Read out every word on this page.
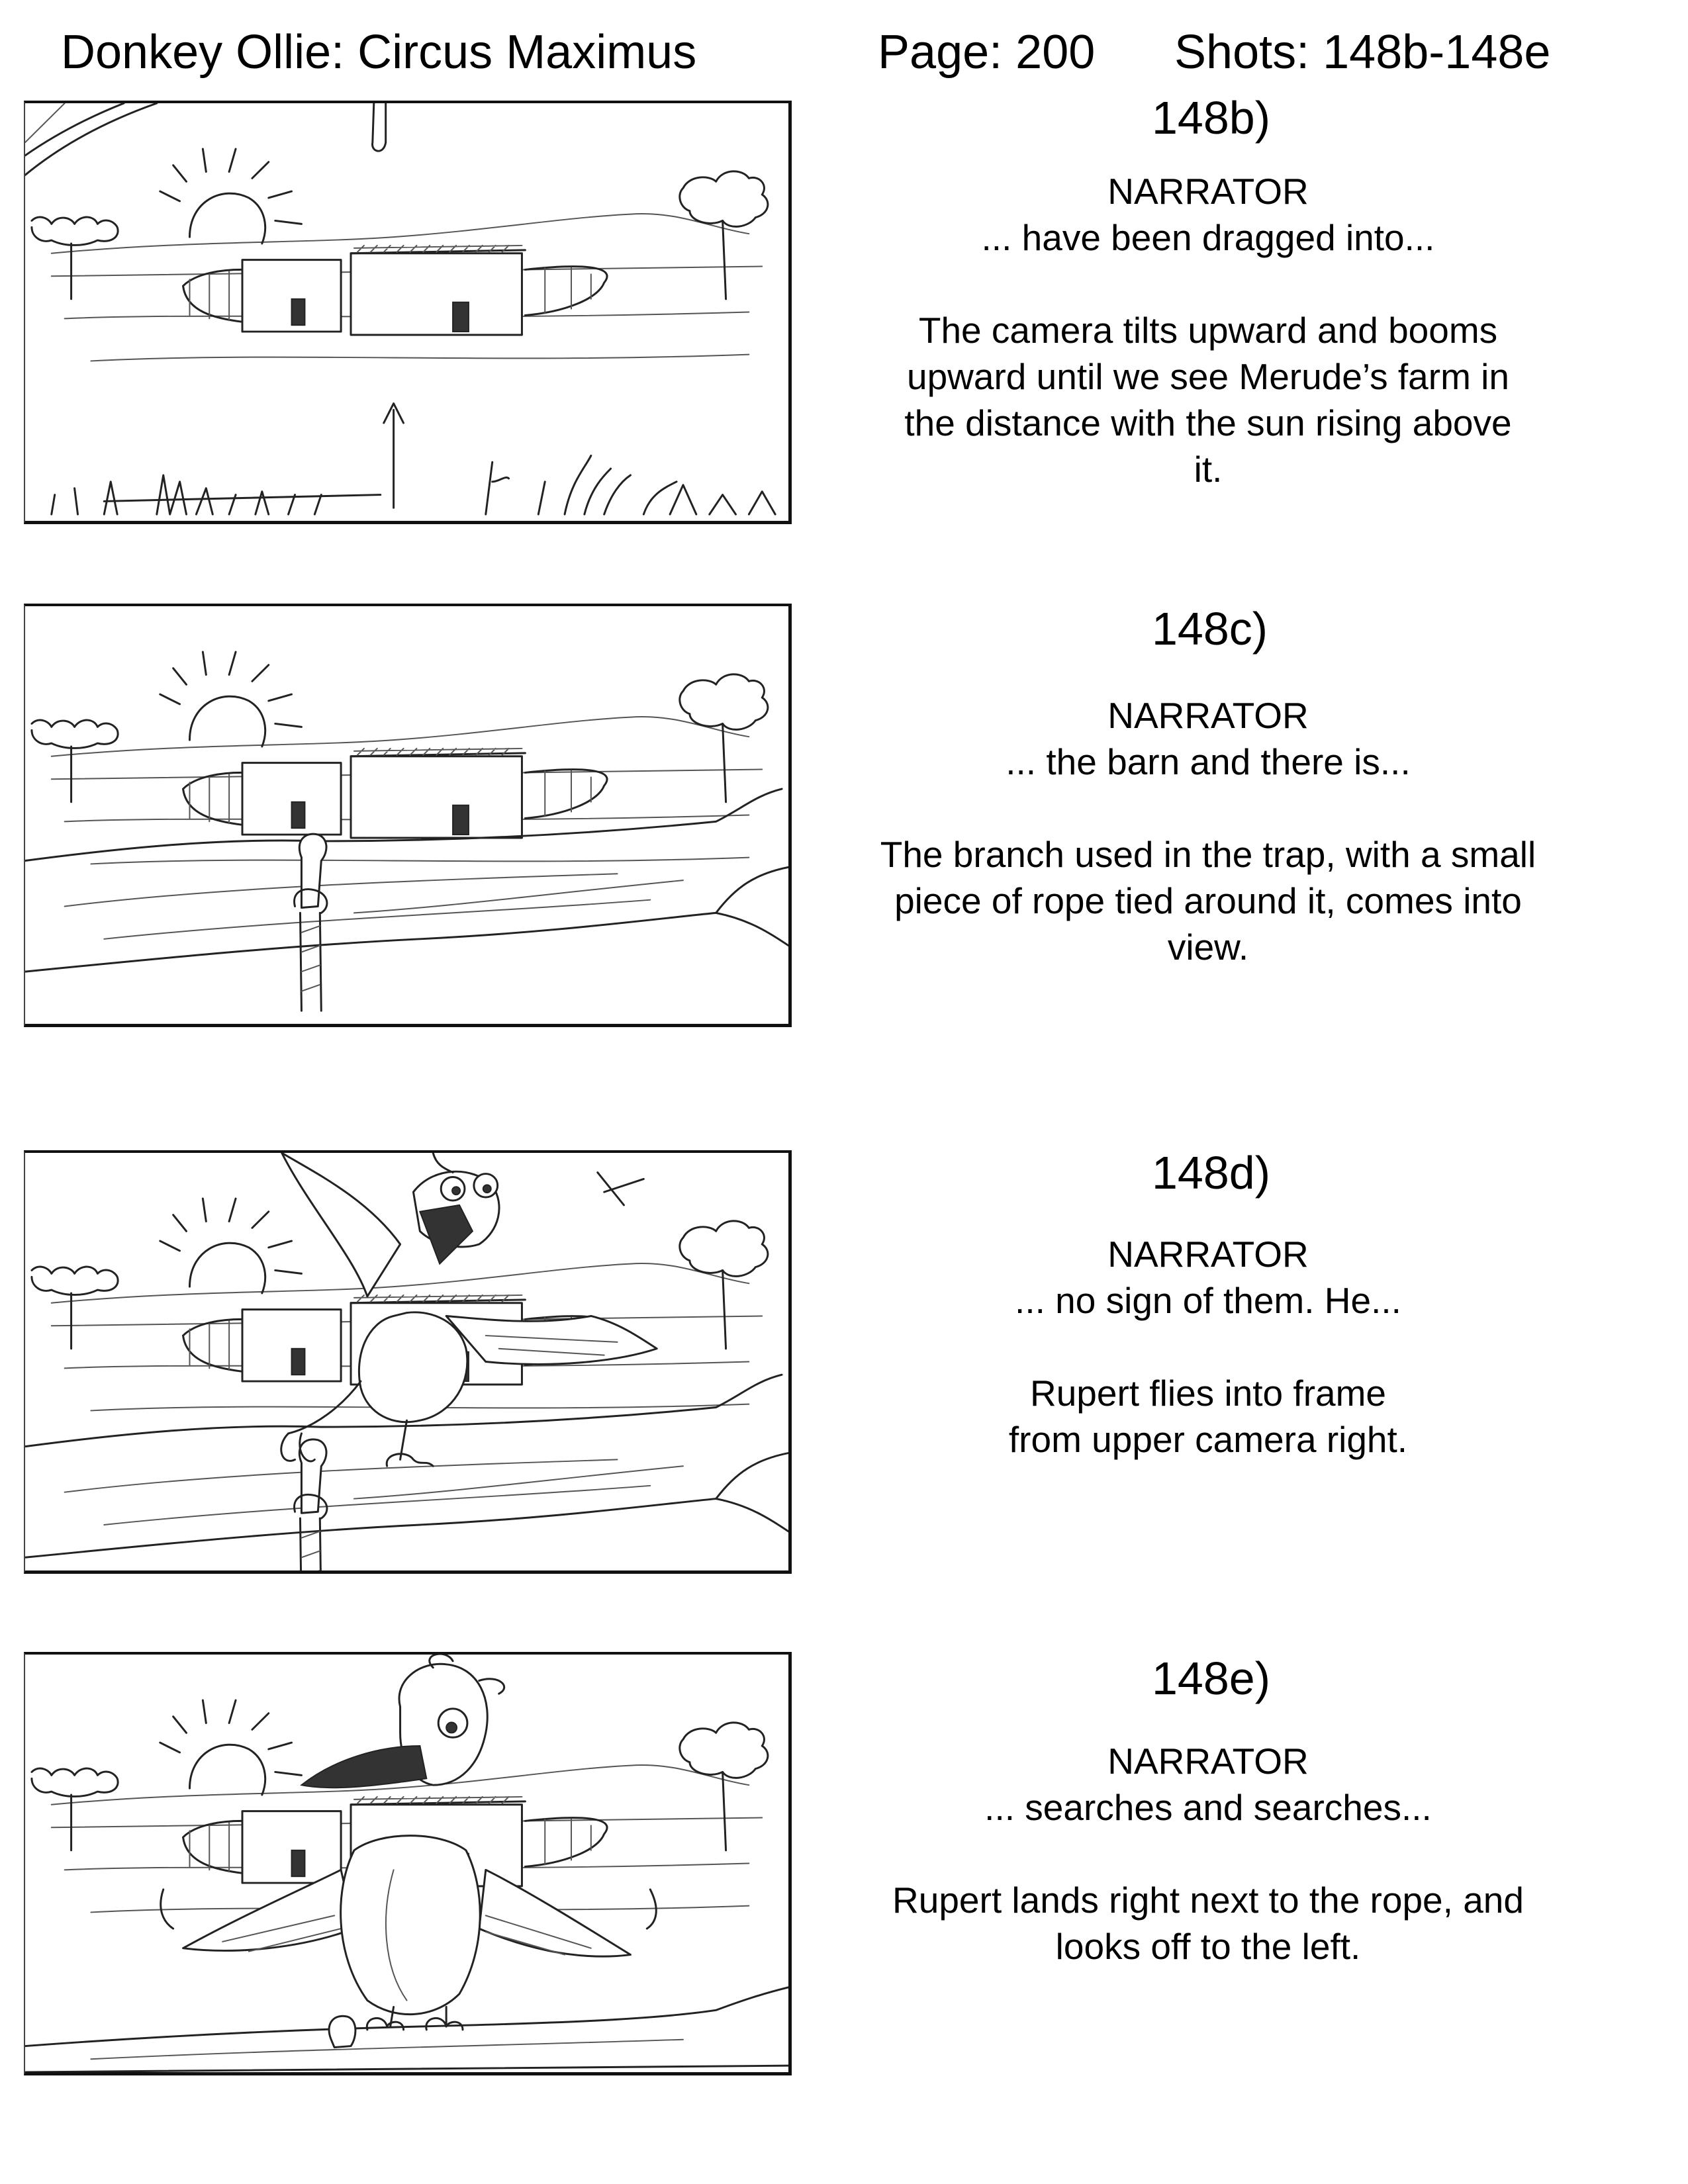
Donkey Ollie: Circus Maximus	Page: 200 Shots: 148b-148e
148b)
NARRATOR
... have been dragged into...
The camera tilts upward and booms
upward until we see Merude’s farm in
the distance with the sun rising above
it.
148c)
NARRATOR
... the barn and there is...
The branch used in the trap, with a small
piece of rope tied around it, comes into
view.
148d)
NARRATOR
... no sign of them. He...
Rupert flies into frame
from upper camera right.
148e)
NARRATOR
... searches and searches...
Rupert lands right next to the rope, and
looks off to the left.
